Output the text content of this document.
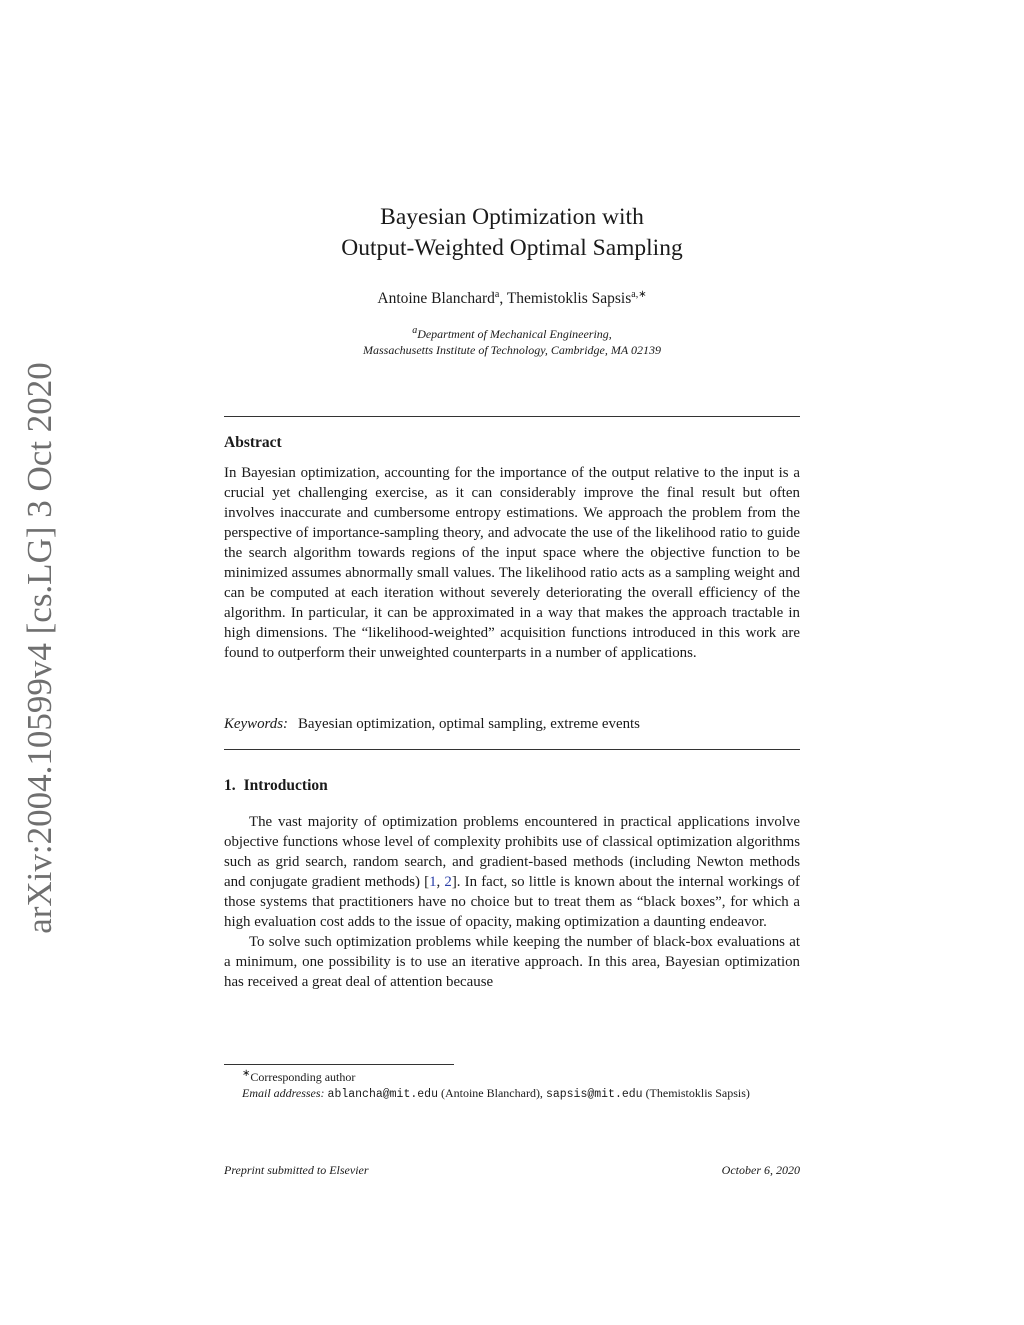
arXiv:2004.10599v4 [cs.LG] 3 Oct 2020
Bayesian Optimization with
Output-Weighted Optimal Sampling
Antoine Blanchard$^a$, Themistoklis Sapsis$^{a,∗}$
$^a$Department of Mechanical Engineering,
Massachusetts Institute of Technology, Cambridge, MA 02139
Abstract
In Bayesian optimization, accounting for the importance of the output relative to the input is a crucial yet challenging exercise, as it can considerably improve the final result but often involves inaccurate and cumbersome entropy estimations. We approach the problem from the perspective of importance-sampling theory, and advocate the use of the likelihood ratio to guide the search algorithm towards regions of the input space where the objective function to be minimized assumes abnormally small values. The likelihood ratio acts as a sampling weight and can be computed at each iteration without severely deteriorating the overall efficiency of the algorithm. In particular, it can be approximated in a way that makes the approach tractable in high dimensions. The “likelihood-weighted” acquisition functions introduced in this work are found to outperform their unweighted counterparts in a number of applications.
Keywords: Bayesian optimization, optimal sampling, extreme events
1. Introduction

The vast majority of optimization problems encountered in practical applications involve objective functions whose level of complexity prohibits use of classical optimization algorithms such as grid search, random search, and gradient-based methods (including Newton methods and conjugate gradient methods) [1, 2]. In fact, so little is known about the internal workings of those systems that practitioners have no choice but to treat them as “black boxes”, for which a high evaluation cost adds to the issue of opacity, making optimization a daunting endeavor.

To solve such optimization problems while keeping the number of black-box evaluations at a minimum, one possibility is to use an iterative approach. In this area, Bayesian optimization has received a great deal of attention because

∗Corresponding author

Email addresses: ablancha@mit.edu (Antoine Blanchard), sapsis@mit.edu (Themistoklis Sapsis)

Preprint submitted to Elsevier	October 6, 2020
